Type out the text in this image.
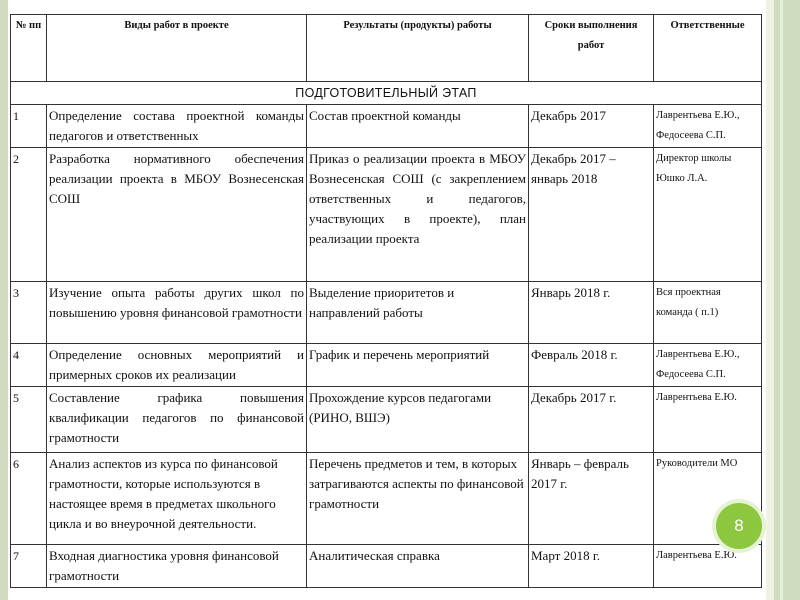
№ пп	Виды работ в проекте	Результаты (продукты) работы	Сроки выполнения работ	Ответственные
ПОДГОТОВИТЕЛЬНЫЙ ЭТАП				
1	Определение состава проектной команды педагогов и ответственных	Состав проектной команды	Декабрь 2017	Лаврентьева Е.Ю., Федосеева С.П.
2	Разработка нормативного обеспечения реализации проекта в МБОУ Вознесенская СОШ	Приказ о реализации проекта в МБОУ Вознесенская СОШ (с закреплением ответственных и педагогов, участвующих в проекте), план реализации проекта	Декабрь 2017 – январь 2018	Директор школы Юшко Л.А.
3	Изучение опыта работы других школ по повышению уровня финансовой грамотности	Выделение приоритетов и направлений работы	Январь 2018 г.	Вся проектная команда ( п.1)
4	Определение основных мероприятий и примерных сроков их реализации	График и перечень мероприятий	Февраль 2018 г.	Лаврентьева Е.Ю., Федосеева С.П.
5	Составление графика повышения квалификации педагогов по финансовой грамотности	Прохождение курсов педагогами (РИНО, ВШЭ)	Декабрь 2017 г.	Лаврентьева Е.Ю.
6	Анализ аспектов из курса по финансовой грамотности, которые используются в настоящее время в предметах школьного цикла и во внеурочной деятельности.	Перечень предметов и тем, в которых затрагиваются аспекты по финансовой грамотности	Январь – февраль 2017 г.	Руководители МО
7	Входная диагностика уровня финансовой грамотности	Аналитическая справка	Март 2018 г.	Лаврентьева Е.Ю.
8
